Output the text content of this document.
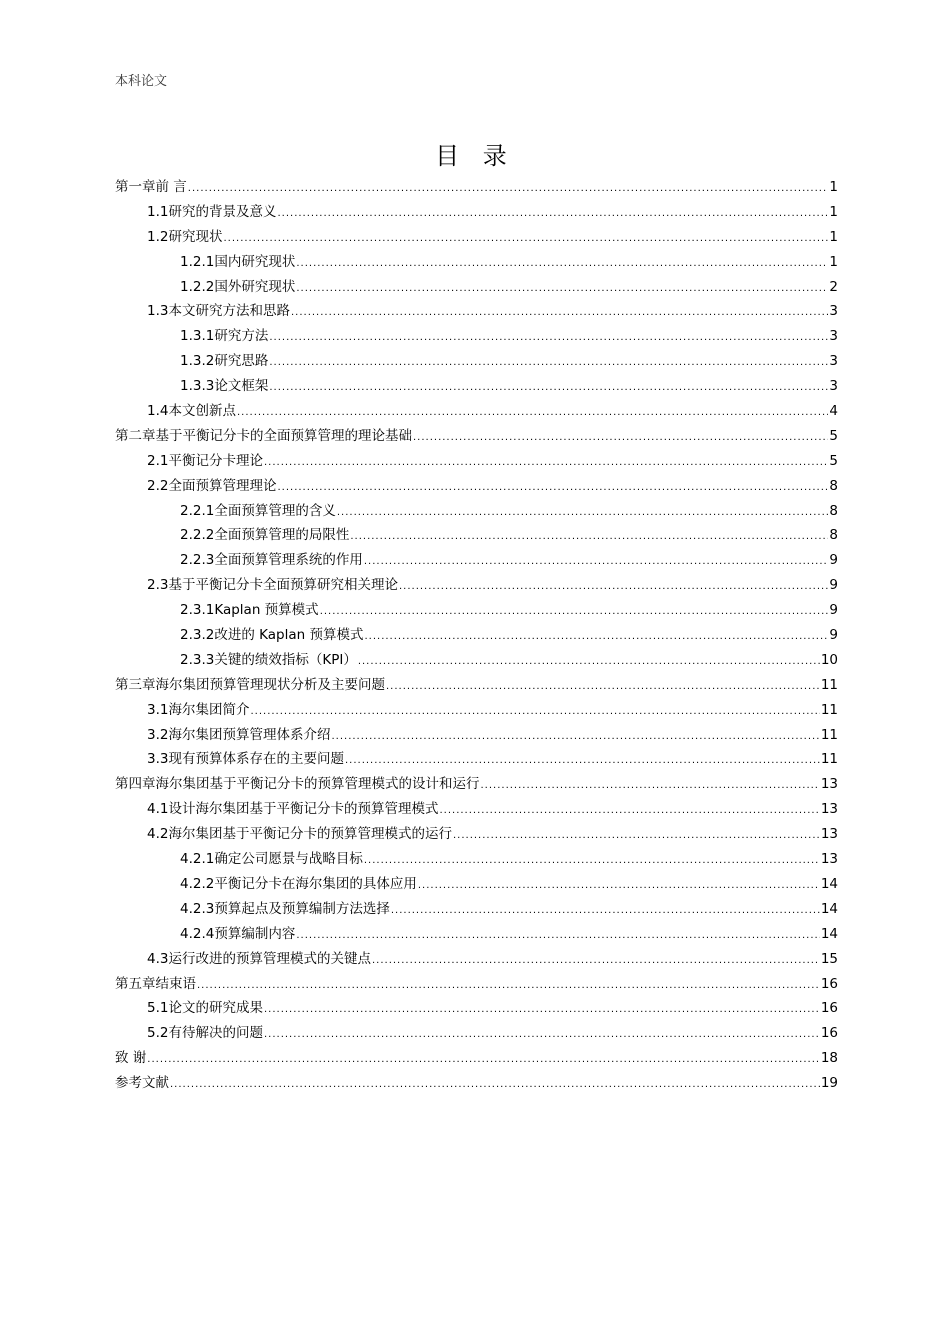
本科论文
目 录
第一章前 言 .....	1
1.1研究的背景及意义 .....	1
1.2研究现状 .....	1
1.2.1国内研究现状 .....	1
1.2.2国外研究现状 .....	2
1.3本文研究方法和思路 .....	3
1.3.1研究方法 .....	3
1.3.2研究思路 .....	3
1.3.3论文框架 .....	3
1.4本文创新点 .....	4
第二章基于平衡记分卡的全面预算管理的理论基础 .....	5
2.1平衡记分卡理论 .....	5
2.2全面预算管理理论 .....	8
2.2.1全面预算管理的含义 .....	8
2.2.2全面预算管理的局限性 .....	8
2.2.3全面预算管理系统的作用 .....	9
2.3基于平衡记分卡全面预算研究相关理论 .....	9
2.3.1Kaplan 预算模式 .....	9
2.3.2改进的 Kaplan 预算模式 .....	9
2.3.3关键的绩效指标（KPI） .....	10
第三章海尔集团预算管理现状分析及主要问题 .....	11
3.1海尔集团简介 .....	11
3.2海尔集团预算管理体系介绍 .....	11
3.3现有预算体系存在的主要问题 .....	11
第四章海尔集团基于平衡记分卡的预算管理模式的设计和运行 .....	13
4.1设计海尔集团基于平衡记分卡的预算管理模式 .....	13
4.2海尔集团基于平衡记分卡的预算管理模式的运行 .....	13
4.2.1确定公司愿景与战略目标 .....	13
4.2.2平衡记分卡在海尔集团的具体应用 .....	14
4.2.3预算起点及预算编制方法选择 .....	14
4.2.4预算编制内容 .....	14
4.3运行改进的预算管理模式的关键点 .....	15
第五章结束语 .....	16
5.1论文的研究成果 .....	16
5.2有待解决的问题 .....	16
致 谢 .....	18
参考文献 .....	19
